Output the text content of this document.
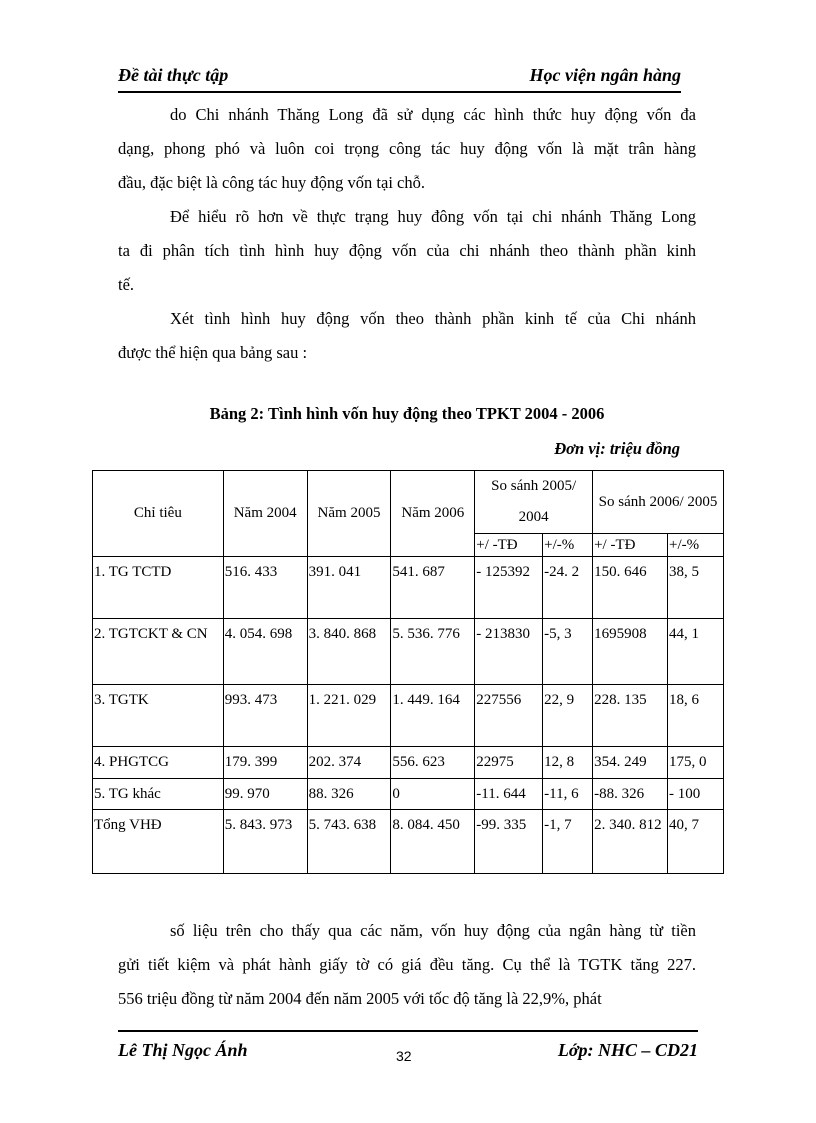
Đề tài thực tập	Học viện ngân hàng
do Chi nhánh Thăng Long đã sử dụng các hình thức huy động vốn đa
dạng, phong phó và luôn coi trọng công tác huy động vốn là mặt trân hàng
đầu, đặc biệt là công tác huy động vốn tại chỗ.
Để hiểu rõ hơn về thực trạng huy đông vốn tại chi nhánh Thăng Long
ta đi phân tích tình hình huy động vốn của chi nhánh theo thành phần kinh
tế.
Xét tình hình huy động vốn theo thành phần kinh tế của Chi nhánh
được thể hiện qua bảng sau :
Bảng 2: Tình hình vốn huy động theo TPKT 2004 - 2006
Đơn vị: triệu đồng
Chỉ tiêu	Năm 2004	Năm 2005	Năm 2006	So sánh 2005/ 2004		So sánh 2006/ 2005	
				+/ -TĐ	+/-%	+/ -TĐ	+/-%
1. TG TCTD	516. 433	391. 041	541. 687	- 125392	-24. 2	150. 646	38, 5
2. TGTCKT & CN	4. 054. 698	3. 840. 868	5. 536. 776	- 213830	-5, 3	1695908	44, 1
3. TGTK	993. 473	1. 221. 029	1. 449. 164	227556	22, 9	228. 135	18, 6
4. PHGTCG	179. 399	202. 374	556. 623	22975	12, 8	354. 249	175, 0
5. TG khác	99. 970	88. 326	0	-11. 644	-11, 6	-88. 326	- 100
Tổng VHĐ	5. 843. 973	5. 743. 638	8. 084. 450	-99. 335	-1, 7	2. 340. 812	40, 7
số liệu trên cho thấy qua các năm, vốn huy động của ngân hàng từ tiền
gửi tiết kiệm và phát hành giấy tờ có giá đều tăng. Cụ thể là TGTK tăng 227.
556 triệu đồng từ năm 2004 đến năm 2005 với tốc độ tăng là 22,9%, phát
Lê Thị Ngọc Ánh	32	Lớp: NHC – CD21
